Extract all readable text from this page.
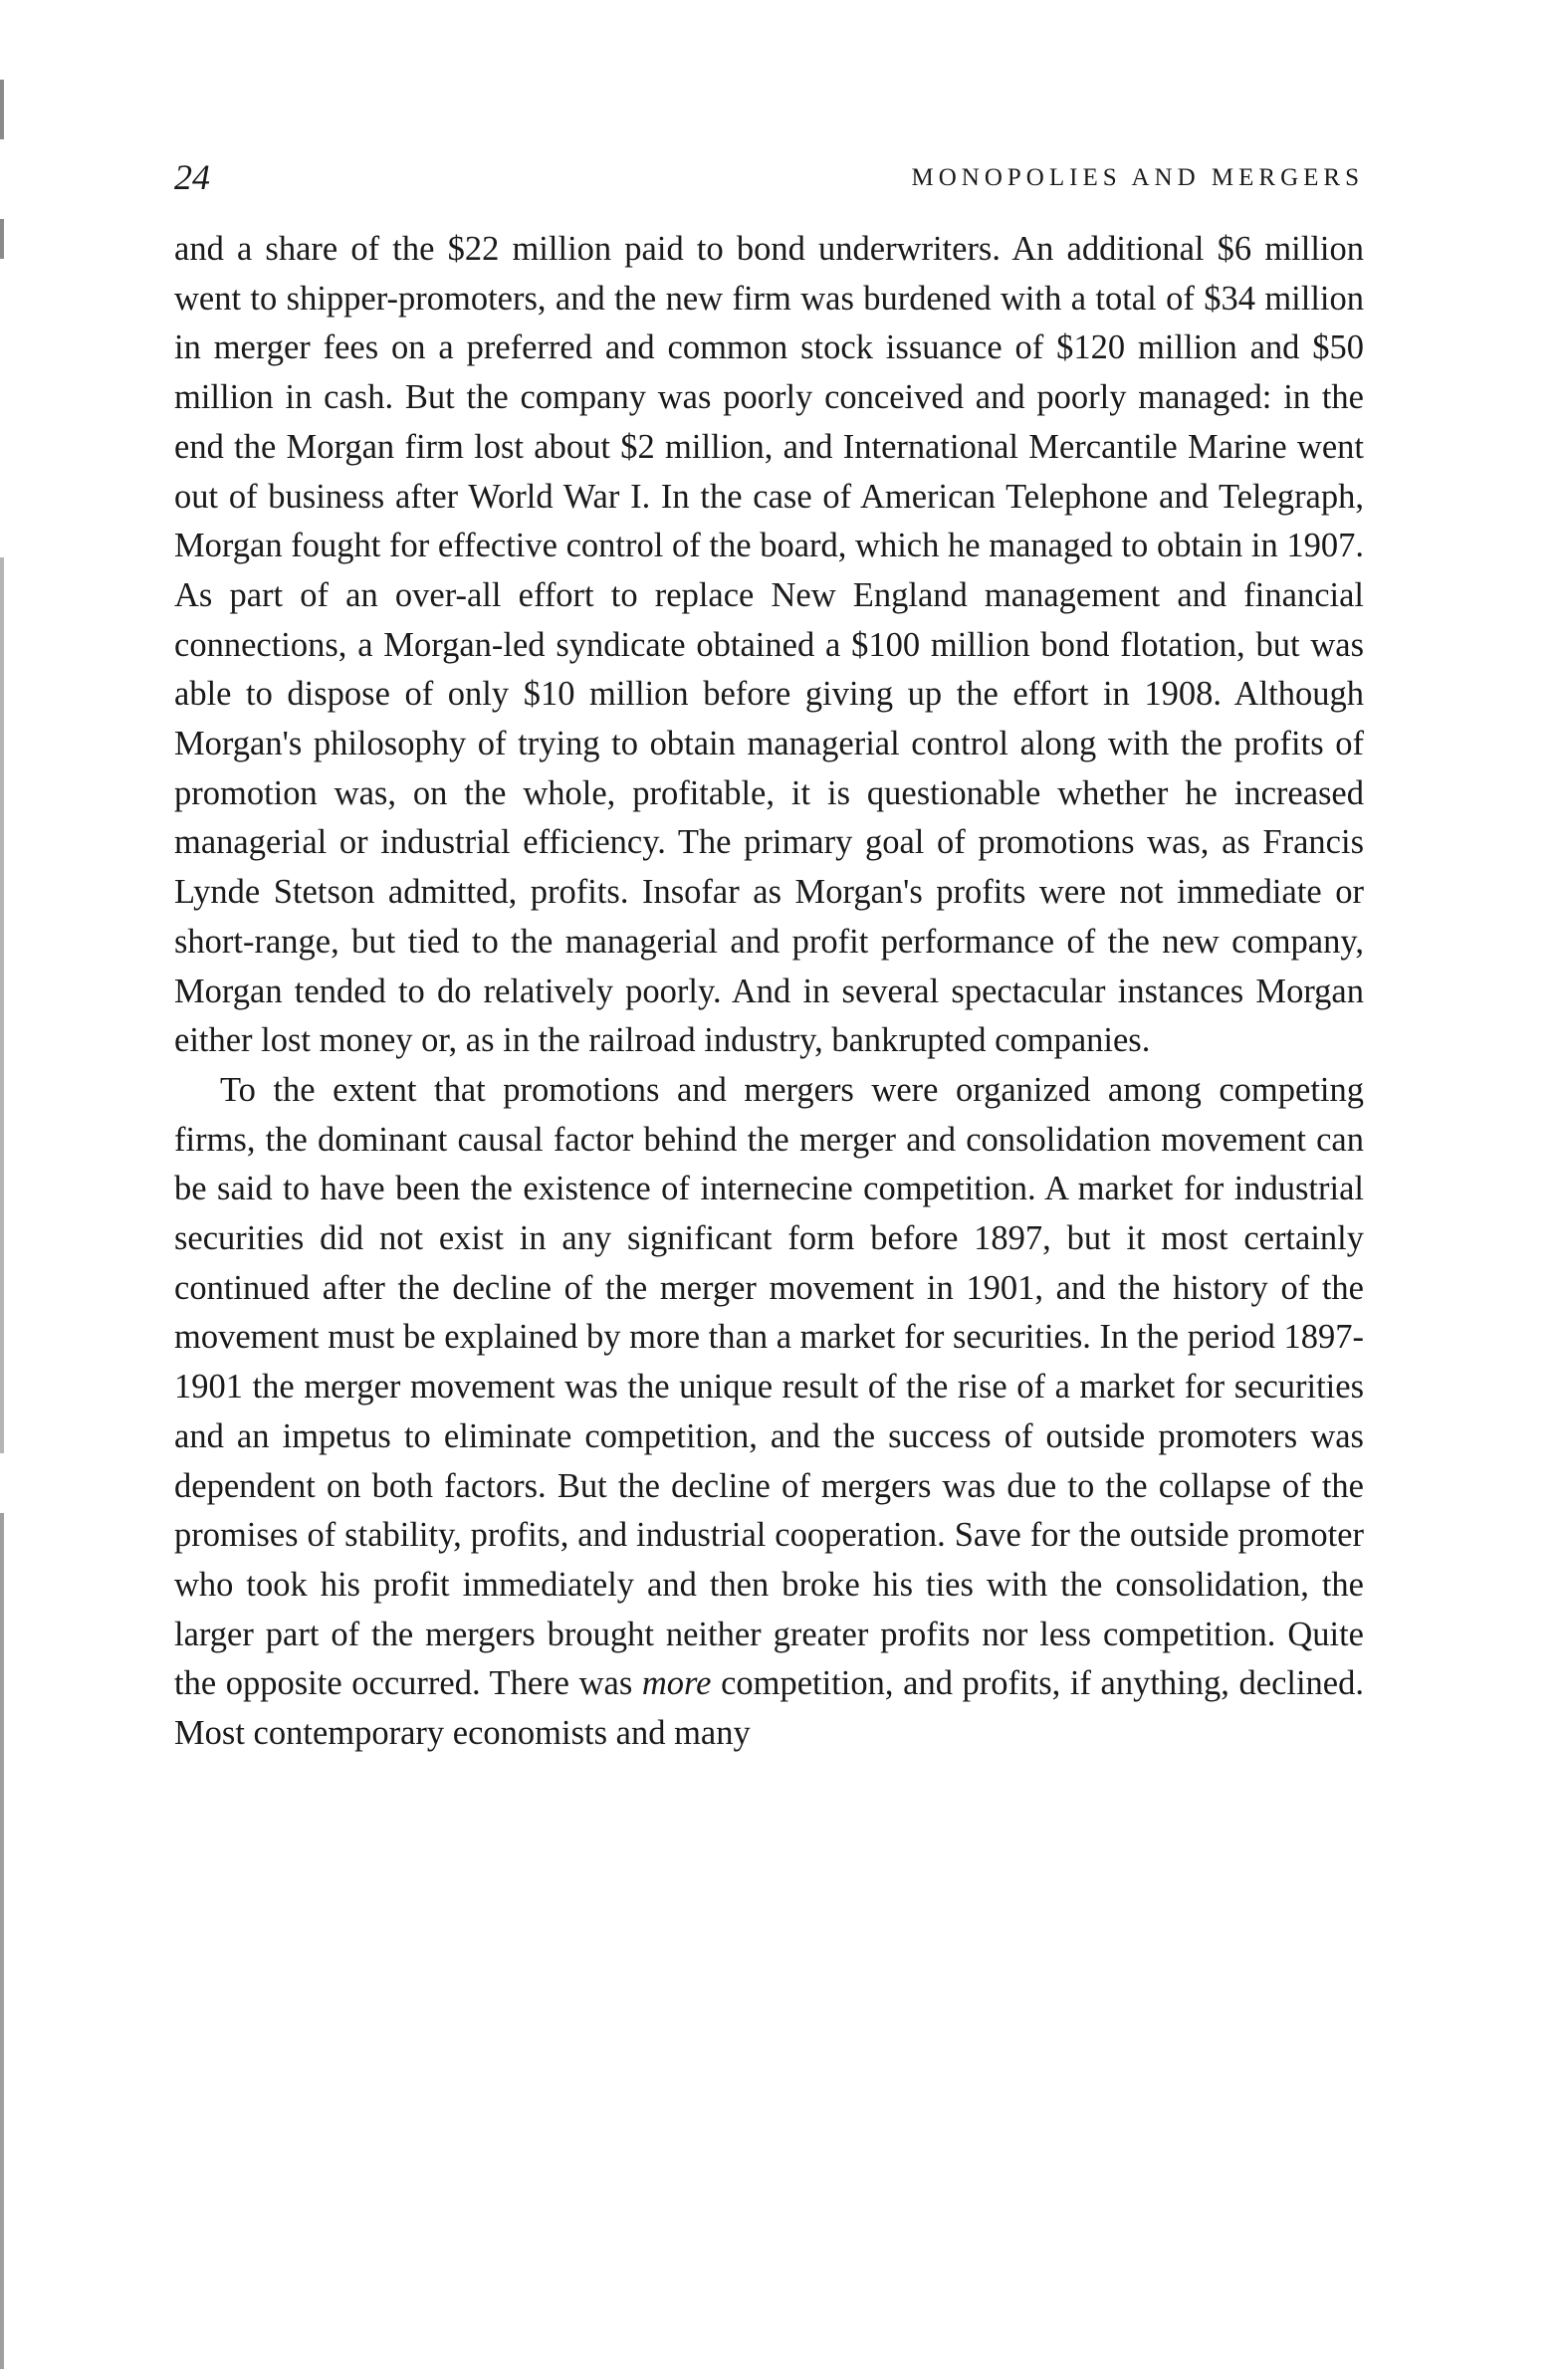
24	MONOPOLIES AND MERGERS

and a share of the $22 million paid to bond underwriters. An additional $6 million went to shipper-promoters, and the new firm was burdened with a total of $34 million in merger fees on a preferred and common stock issuance of $120 million and $50 million in cash. But the company was poorly conceived and poorly managed: in the end the Morgan firm lost about $2 million, and International Mercantile Marine went out of business after World War I. In the case of American Telephone and Telegraph, Morgan fought for effective control of the board, which he managed to obtain in 1907. As part of an over-all effort to replace New England management and financial connections, a Morgan-led syndicate obtained a $100 million bond flotation, but was able to dispose of only $10 million before giving up the effort in 1908. Although Morgan's philosophy of trying to obtain managerial control along with the profits of promotion was, on the whole, profitable, it is questionable whether he increased managerial or industrial efficiency. The primary goal of promotions was, as Francis Lynde Stetson admitted, profits. Insofar as Morgan's profits were not immediate or short-range, but tied to the managerial and profit performance of the new company, Morgan tended to do relatively poorly. And in several spectacular instances Morgan either lost money or, as in the railroad industry, bankrupted companies.

To the extent that promotions and mergers were organized among competing firms, the dominant causal factor behind the merger and consolidation movement can be said to have been the existence of internecine competition. A market for industrial securities did not exist in any significant form before 1897, but it most certainly continued after the decline of the merger movement in 1901, and the history of the movement must be explained by more than a market for securities. In the period 1897-1901 the merger movement was the unique result of the rise of a market for securities and an impetus to eliminate competition, and the success of outside promoters was dependent on both factors. But the decline of mergers was due to the collapse of the promises of stability, profits, and industrial cooperation. Save for the outside promoter who took his profit immediately and then broke his ties with the consolidation, the larger part of the mergers brought neither greater profits nor less competition. Quite the opposite occurred. There was more competition, and profits, if anything, declined. Most contemporary economists and many
